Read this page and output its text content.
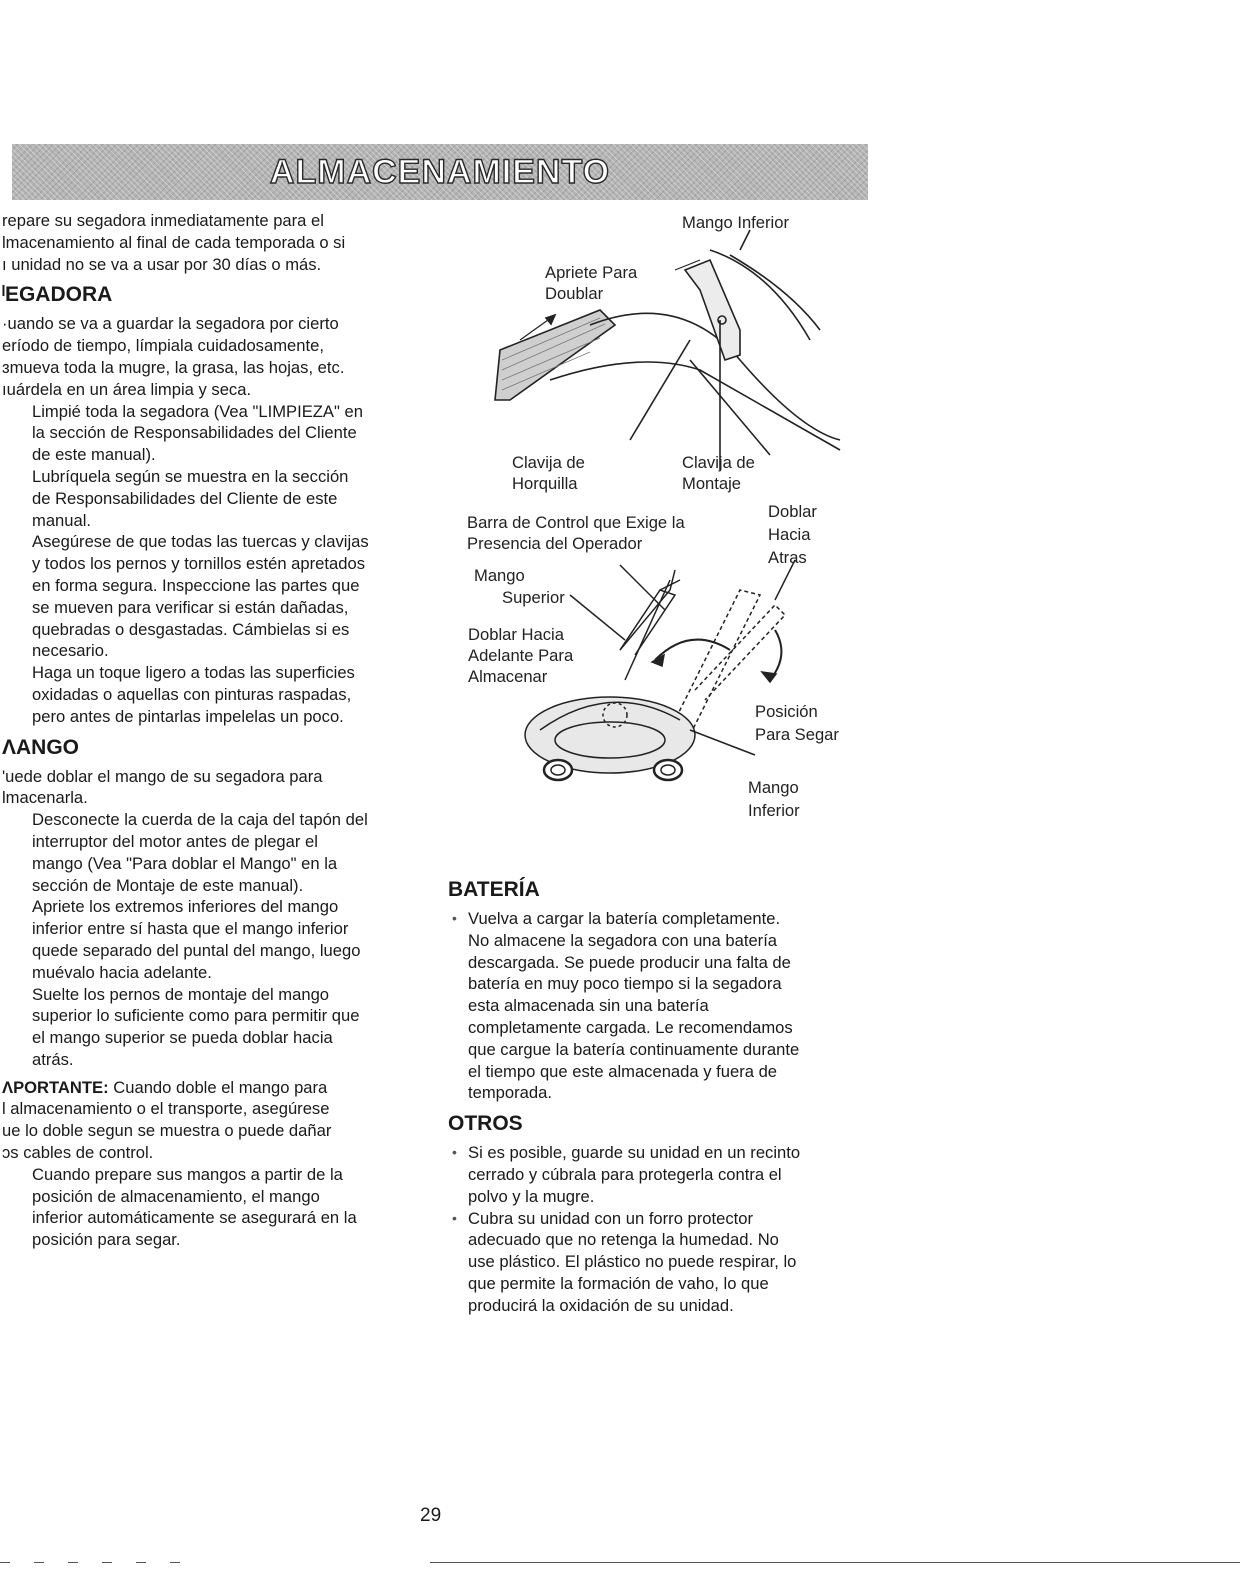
ALMACENAMIENTO

repare su segadora inmediatamente para el

lmacenamiento al final de cada temporada o si

ı unidad no se va a usar por 30 días o más.

ˡEGADORA

·uando se va a guardar la segadora por cierto

eríodo de tiempo, límpiala cuidadosamente,

ɜmueva toda la mugre, la grasa, las hojas, etc.

ıuárdela en un área limpia y seca.

Limpié toda la segadora (Vea "LIMPIEZA" en

la sección de Responsabilidades del Cliente

de este manual).

Lubríquela según se muestra en la sección

de Responsabilidades del Cliente de este

manual.

Asegúrese de que todas las tuercas y clavijas

y todos los pernos y tornillos estén apretados

en forma segura. Inspeccione las partes que

se mueven para verificar si están dañadas,

quebradas o desgastadas. Cámbielas si es

necesario.

Haga un toque ligero a todas las superficies

oxidadas o aquellas con pinturas raspadas,

pero antes de pintarlas impelelas un poco.

ΛANGO

'uede doblar el mango de su segadora para

lmacenarla.

Desconecte la cuerda de la caja del tapón del

interruptor del motor antes de plegar el

mango (Vea "Para doblar el Mango" en la

sección de Montaje de este manual).

Apriete los extremos inferiores del mango

inferior entre sí hasta que el mango inferior

quede separado del puntal del mango, luego

muévalo hacia adelante.

Suelte los pernos de montaje del mango

superior lo suficiente como para permitir que

el mango superior se pueda doblar hacia

atrás.

ΛPORTANTE: Cuando doble el mango para

l almacenamiento o el transporte, asegúrese

ue lo doble segun se muestra o puede dañar

ɔs cables de control.

Cuando prepare sus mangos a partir de la

posición de almacenamiento, el mango

inferior automáticamente se asegurará en la

posición para segar.

Mango Inferior
Apriete Para
Doublar
Clavija de
Horquilla
Clavija de
Montaje
Barra de Control que Exige la
Presencia del Operador
Doblar
Hacia
Atras
Mango
Superior
Doblar Hacia
Adelante Para
Almacenar
Posición
Para Segar
Mango
Inferior
BATERÍA
• Vuelva a cargar la batería completamente.
No almacene la segadora con una batería
descargada. Se puede producir una falta de
batería en muy poco tiempo si la segadora
esta almacenada sin una batería
completamente cargada. Le recomendamos
que cargue la batería continuamente durante
el tiempo que este almacenada y fuera de
temporada.
OTROS
• Si es posible, guarde su unidad en un recinto
cerrado y cúbrala para protegerla contra el
polvo y la mugre.
• Cubra su unidad con un forro protector
adecuado que no retenga la humedad. No
use plástico. El plástico no puede respirar, lo
que permite la formación de vaho, lo que
producirá la oxidación de su unidad.
29
